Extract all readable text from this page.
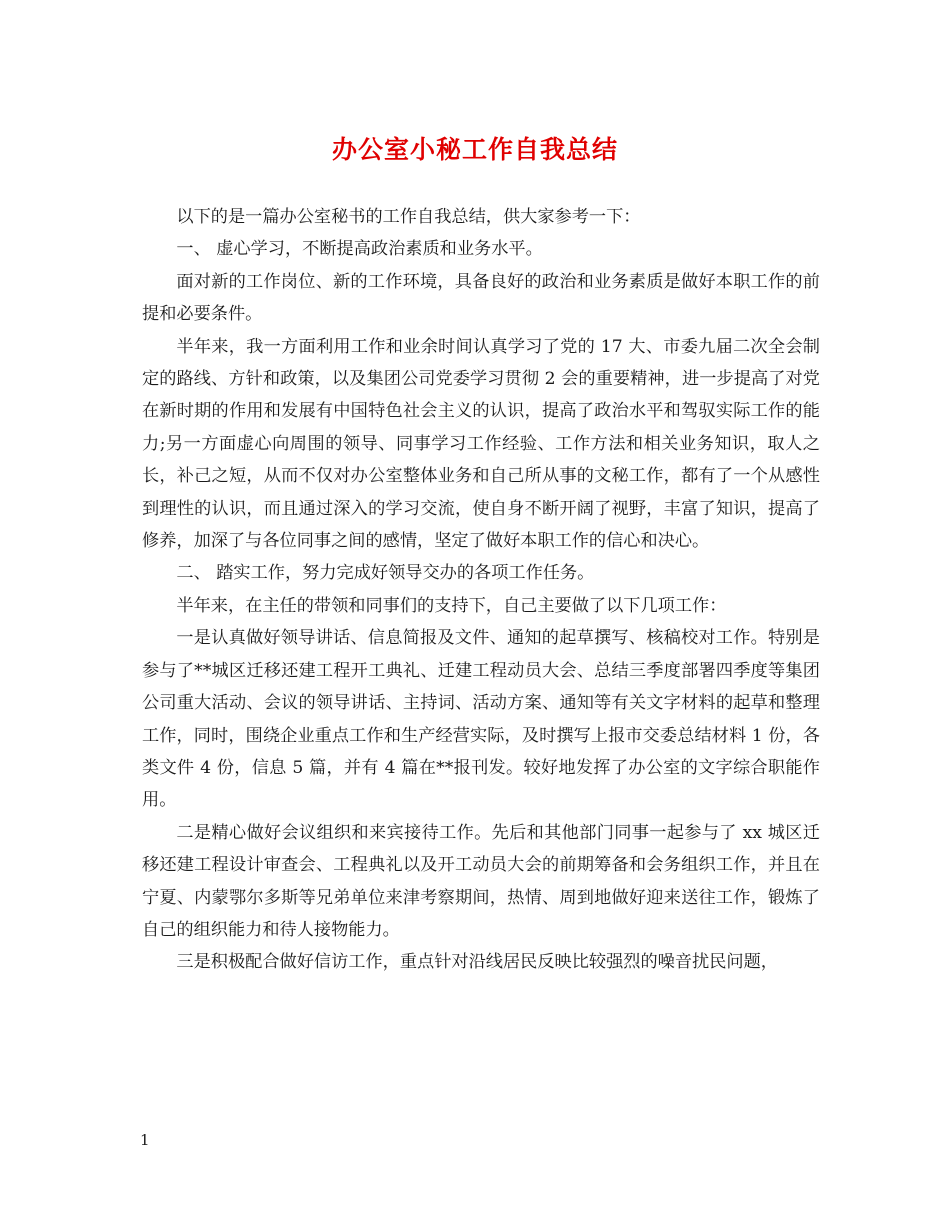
办公室小秘工作自我总结

以下的是一篇办公室秘书的工作自我总结，供大家参考一下：

一、 虚心学习，不断提高政治素质和业务水平。

面对新的工作岗位、新的工作环境，具备良好的政治和业务素质是做好本职工作的前提和必要条件。

半年来，我一方面利用工作和业余时间认真学习了党的 17 大、市委九届二次全会制定的路线、方针和政策，以及集团公司党委学习贯彻 2 会的重要精神，进一步提高了对党在新时期的作用和发展有中国特色社会主义的认识，提高了政治水平和驾驭实际工作的能力;另一方面虚心向周围的领导、同事学习工作经验、工作方法和相关业务知识，取人之长，补己之短，从而不仅对办公室整体业务和自己所从事的文秘工作，都有了一个从感性到理性的认识，而且通过深入的学习交流，使自身不断开阔了视野，丰富了知识，提高了修养，加深了与各位同事之间的感情，坚定了做好本职工作的信心和决心。

二、 踏实工作，努力完成好领导交办的各项工作任务。

半年来，在主任的带领和同事们的支持下，自己主要做了以下几项工作：

一是认真做好领导讲话、信息简报及文件、通知的起草撰写、核稿校对工作。特别是参与了**城区迁移还建工程开工典礼、迁建工程动员大会、总结三季度部署四季度等集团公司重大活动、会议的领导讲话、主持词、活动方案、通知等有关文字材料的起草和整理工作，同时，围绕企业重点工作和生产经营实际，及时撰写上报市交委总结材料 1 份，各类文件 4 份，信息 5 篇，并有 4 篇在**报刊发。较好地发挥了办公室的文字综合职能作用。

二是精心做好会议组织和来宾接待工作。先后和其他部门同事一起参与了 xx 城区迁移还建工程设计审查会、工程典礼以及开工动员大会的前期筹备和会务组织工作，并且在宁夏、内蒙鄂尔多斯等兄弟单位来津考察期间，热情、周到地做好迎来送往工作，锻炼了自己的组织能力和待人接物能力。

三是积极配合做好信访工作，重点针对沿线居民反映比较强烈的噪音扰民问题，

1
